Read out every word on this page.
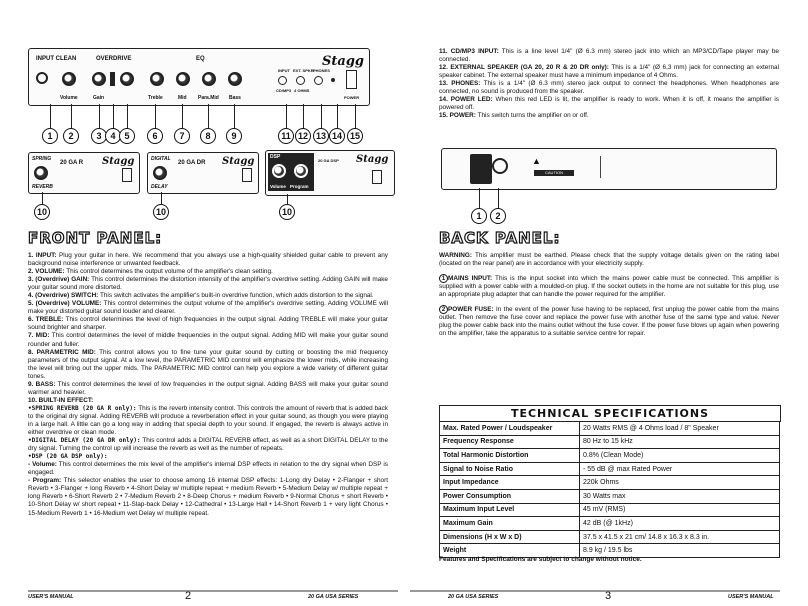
INPUT CLEAN	OVERDRIVE	EQ	Stagg
Volume	Gain	Treble	Mid Para.Mid Bass
INPUT EXT. SPKR.
PHONES
CD/MP3 4 OHMS
POWER
1	2	3 4 5	6	7	8	9	11 12 13 14 15
SPRING
REVERB
20 GA R Stagg
10
DIGITAL
DELAY
20 GA DR Stagg
10
DSP
Volume Program
20 GA DSP Stagg
10
FRONT PANEL:

1. INPUT: Plug your guitar in here. We recommend that you always use a high-quality shielded guitar cable to prevent any background noise interference or unwanted feedback.

2. VOLUME: This control determines the output volume of the amplifier's clean setting.

3. (Overdrive) GAIN: This control determines the distortion intensity of the amplifier's overdrive setting. Adding GAIN will make your guitar sound more distorted.

4. (Overdrive) SWITCH: This switch activates the amplifier's built-in overdrive function, which adds distortion to the signal.

5. (Overdrive) VOLUME: This control determines the output volume of the amplifier's overdrive setting. Adding VOLUME will make your distorted guitar sound louder and clearer.

6. TREBLE: This control determines the level of high frequencies in the output signal. Adding TREBLE will make your guitar sound brighter and sharper.

7. MID: This control determines the level of middle frequencies in the output signal. Adding MID will make your guitar sound rounder and fuller.

8. PARAMETRIC MID: This control allows you to fine tune your guitar sound by cutting or boosting the mid frequency parameters of the output signal. At a low level, the PARAMETRIC MID control will emphasize the lower mids, while increasing the level will bring out the upper mids. The PARAMETRIC MID control can help you explore a wide variety of different guitar tones.

9. BASS: This control determines the level of low frequencies in the output signal. Adding BASS will make your guitar sound warmer and heavier.

10. BUILT-IN EFFECT:

•SPRING REVERB (20 GA R only): This is the reverb intensity control. This controls the amount of reverb that is added back to the original dry signal. Adding REVERB will produce a reverberation effect in your guitar sound, as though you were playing in a large hall. A little can go a long way in adding that special depth to your sound. If engaged, the reverb is always active in either overdrive or clean mode.

•DIGITAL DELAY (20 GA DR only): This control adds a DIGITAL REVERB effect, as well as a short DIGITAL DELAY to the dry signal. Turning the control up will increase the reverb as well as the number of repeats.

•DSP (20 GA DSP only):

- Volume: This control determines the mix level of the amplifier's internal DSP effects in relation to the dry signal when DSP is engaged.

- Program: This selector enables the user to choose among 16 internal DSP effects: 1-Long dry Delay • 2-Flanger + short Reverb • 3-Flanger + long Reverb • 4-Short Delay w/ multiple repeat + medium Reverb • 5-Medium Delay w/ multiple repeat + long Reverb • 6-Short Reverb 2 • 7-Medium Reverb 2 • 8-Deep Chorus + medium Reverb • 9-Normal Chorus + short Reverb • 10-Short Delay w/ short repeat • 11-Slap-back Delay • 12-Cathedral • 13-Large Hall • 14-Short Reverb 1 + very light Chorus • 15-Medium Reverb 1 • 16-Medium wet Delay w/ multiple repeat.

11. CD/MP3 INPUT: This is a line level 1/4" (Ø 6.3 mm) stereo jack into which an MP3/CD/Tape player may be connected.

12. EXTERNAL SPEAKER (GA 20, 20 R & 20 DR only): This is a 1/4" (Ø 6,3 mm) jack for connecting an external speaker cabinet. The external speaker must have a minimum impedance of 4 Ohms.

13. PHONES: This is a 1/4" (Ø 6.3 mm) stereo jack output to connect the headphones. When headphones are connected, no sound is produced from the speaker.

14. POWER LED: When this red LED is lit, the amplifier is ready to work. When it is off, it means the amplifier is powered off.

15. POWER: This switch turns the amplifier on or off.

▲
CAUTION
1	2
BACK PANEL:

WARNING: This amplifier must be earthed. Please check that the supply voltage details given on the rating label (located on the rear panel) are in accordance with your electricity supply.

1 MAINS INPUT: This is the input socket into which the mains power cable must be connected. This amplifier is supplied with a power cable with a moulded-on plug. If the socket outlets in the home are not suitable for this plug, use an appropriate plug adapter that can handle the power required for the amplifier.

2 POWER FUSE: In the event of the power fuse having to be replaced, first unplug the power cable from the mains outlet. Then remove the fuse cover and replace the power fuse with another fuse of the same type and value. Never plug the power cable back into the mains outlet without the fuse cover. If the power fuse blows up again when powering on the amplifier, take the apparatus to a suitable service centre for repair.

TECHNICAL SPECIFICATIONS
Max. Rated Power / Loudspeaker	20 Watts RMS @ 4 Ohms load / 8" Speaker
Frequency Response	80 Hz to 15 kHz
Total Harmonic Distortion	0.8% (Clean Mode)
Signal to Noise Ratio	- 55 dB @ max Rated Power
Input Impedance	220k Ohms
Power Consumption	30 Watts max
Maximum Input Level	45 mV (RMS)
Maximum Gain	42 dB (@ 1kHz)
Dimensions (H x W x D)	37.5 x 41.5 x 21 cm/ 14.8 x 16.3 x 8.3 in.
Weight	8.9 kg / 19.5 lbs
Features and Specifications are subject to change without notice.
USER'S MANUAL	2	20 GA USA SERIES	20 GA USA SERIES	3	USER'S MANUAL
